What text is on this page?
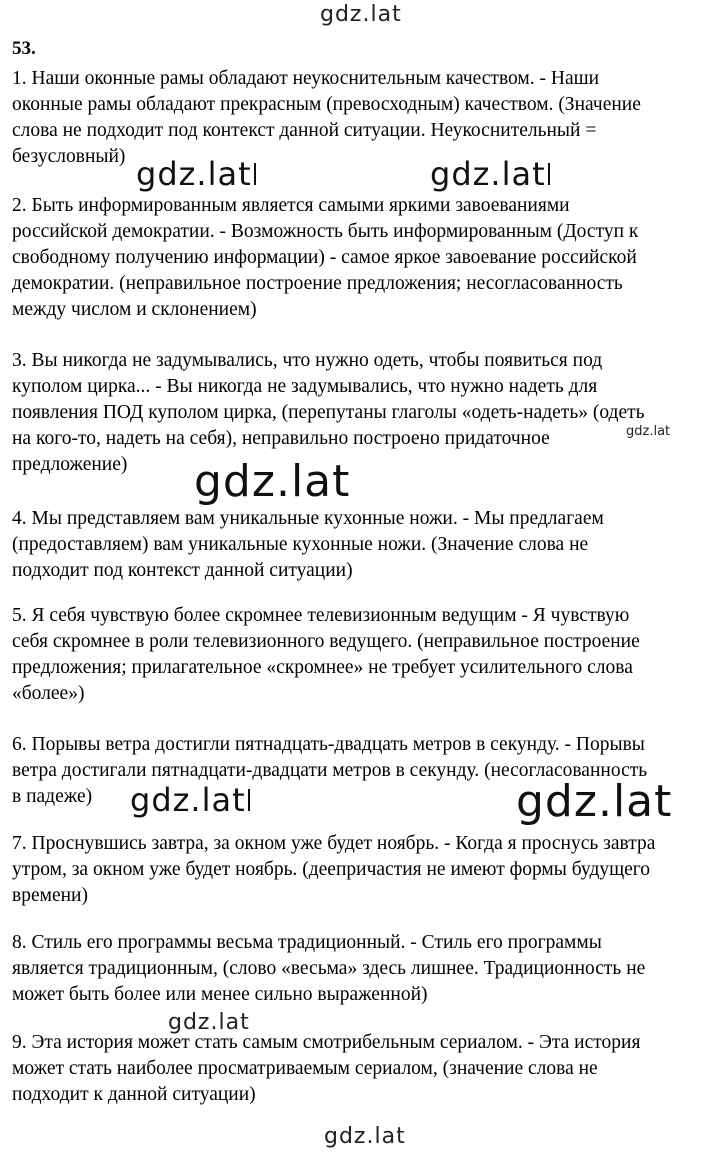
gdz.lat
53.
1. Наши оконные рамы обладают неукоснительным качеством. - Наши
оконные рамы обладают прекрасным (превосходным) качеством. (Значение
слова не подходит под контекст данной ситуации. Неукоснительный =
безусловный) gdz.lat	gdz.lat
2. Быть информированным является самыми яркими завоеваниями
российской демократии. - Возможность быть информированным (Доступ к
свободному получению информации) - самое яркое завоевание российской
демократии. (неправильное построение предложения; несогласованность
между числом и склонением)
3. Вы никогда не задумывались, что нужно одеть, чтобы появиться под
куполом цирка... - Вы никогда не задумывались, что нужно надеть для
появления ПОД куполом цирка, (перепутаны глаголы «одеть-надеть» (одеть
на кого-то, надеть на себя), неправильно построено придаточное
предложение)
gdz.lat
gdz.lat
4. Мы представляем вам уникальные кухонные ножи. - Мы предлагаем
(предоставляем) вам уникальные кухонные ножи. (Значение слова не
подходит под контекст данной ситуации)
5. Я себя чувствую более скромнее телевизионным ведущим - Я чувствую
себя скромнее в роли телевизионного ведущего. (неправильное построение
предложения; прилагательное «скромнее» не требует усилительного слова
«более»)
6. Порывы ветра достигли пятнадцать-двадцать метров в секунду. - Порывы
ветра достигали пятнадцати-двадцати метров в секунду. (несогласованность
в падеже)	gdz.lat	gdz.lat
7. Проснувшись завтра, за окном уже будет ноябрь. - Когда я проснусь завтра
утром, за окном уже будет ноябрь. (деепричастия не имеют формы будущего
времени)
8. Стиль его программы весьма традиционный. - Стиль его программы
является традиционным, (слово «весьма» здесь лишнее. Традиционность не
может быть более или менее сильно выраженной)
gdz.lat
9. Эта история может стать самым смотрибельным сериалом. - Эта история
может стать наиболее просматриваемым сериалом, (значение слова не
подходит к данной ситуации)
gdz.lat
